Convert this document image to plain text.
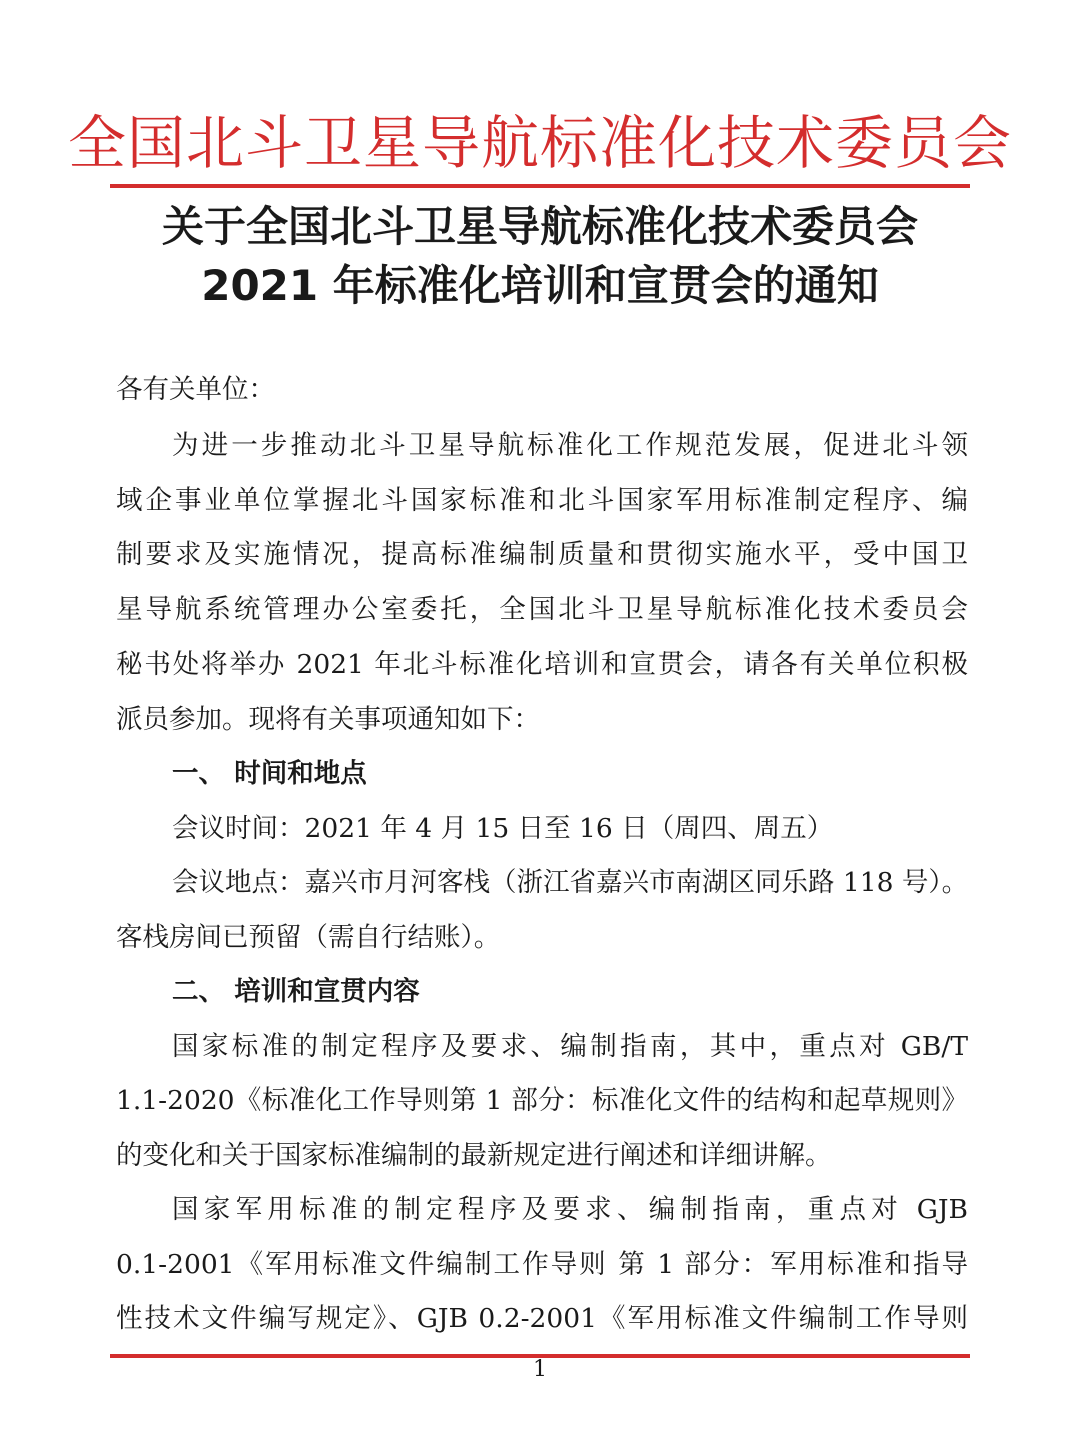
全国北斗卫星导航标准化技术委员会
关于全国北斗卫星导航标准化技术委员会
2021 年标准化培训和宣贯会的通知
各有关单位：
为进一步推动北斗卫星导航标准化工作规范发展，促进北斗领
域企事业单位掌握北斗国家标准和北斗国家军用标准制定程序、编
制要求及实施情况，提高标准编制质量和贯彻实施水平，受中国卫
星导航系统管理办公室委托，全国北斗卫星导航标准化技术委员会
秘书处将举办 2021 年北斗标准化培训和宣贯会，请各有关单位积极
派员参加。现将有关事项通知如下：
一、 时间和地点
会议时间：2021 年 4 月 15 日至 16 日（周四、周五）
会议地点：嘉兴市月河客栈（浙江省嘉兴市南湖区同乐路 118 号）。
客栈房间已预留（需自行结账）。
二、 培训和宣贯内容
国家标准的制定程序及要求、编制指南，其中，重点对 GB/T
1.1-2020《标准化工作导则第 1 部分：标准化文件的结构和起草规则》
的变化和关于国家标准编制的最新规定进行阐述和详细讲解。
国家军用标准的制定程序及要求、编制指南，重点对 GJB
0.1-2001《军用标准文件编制工作导则 第 1 部分：军用标准和指导
性技术文件编写规定》、GJB 0.2-2001《军用标准文件编制工作导则
1
